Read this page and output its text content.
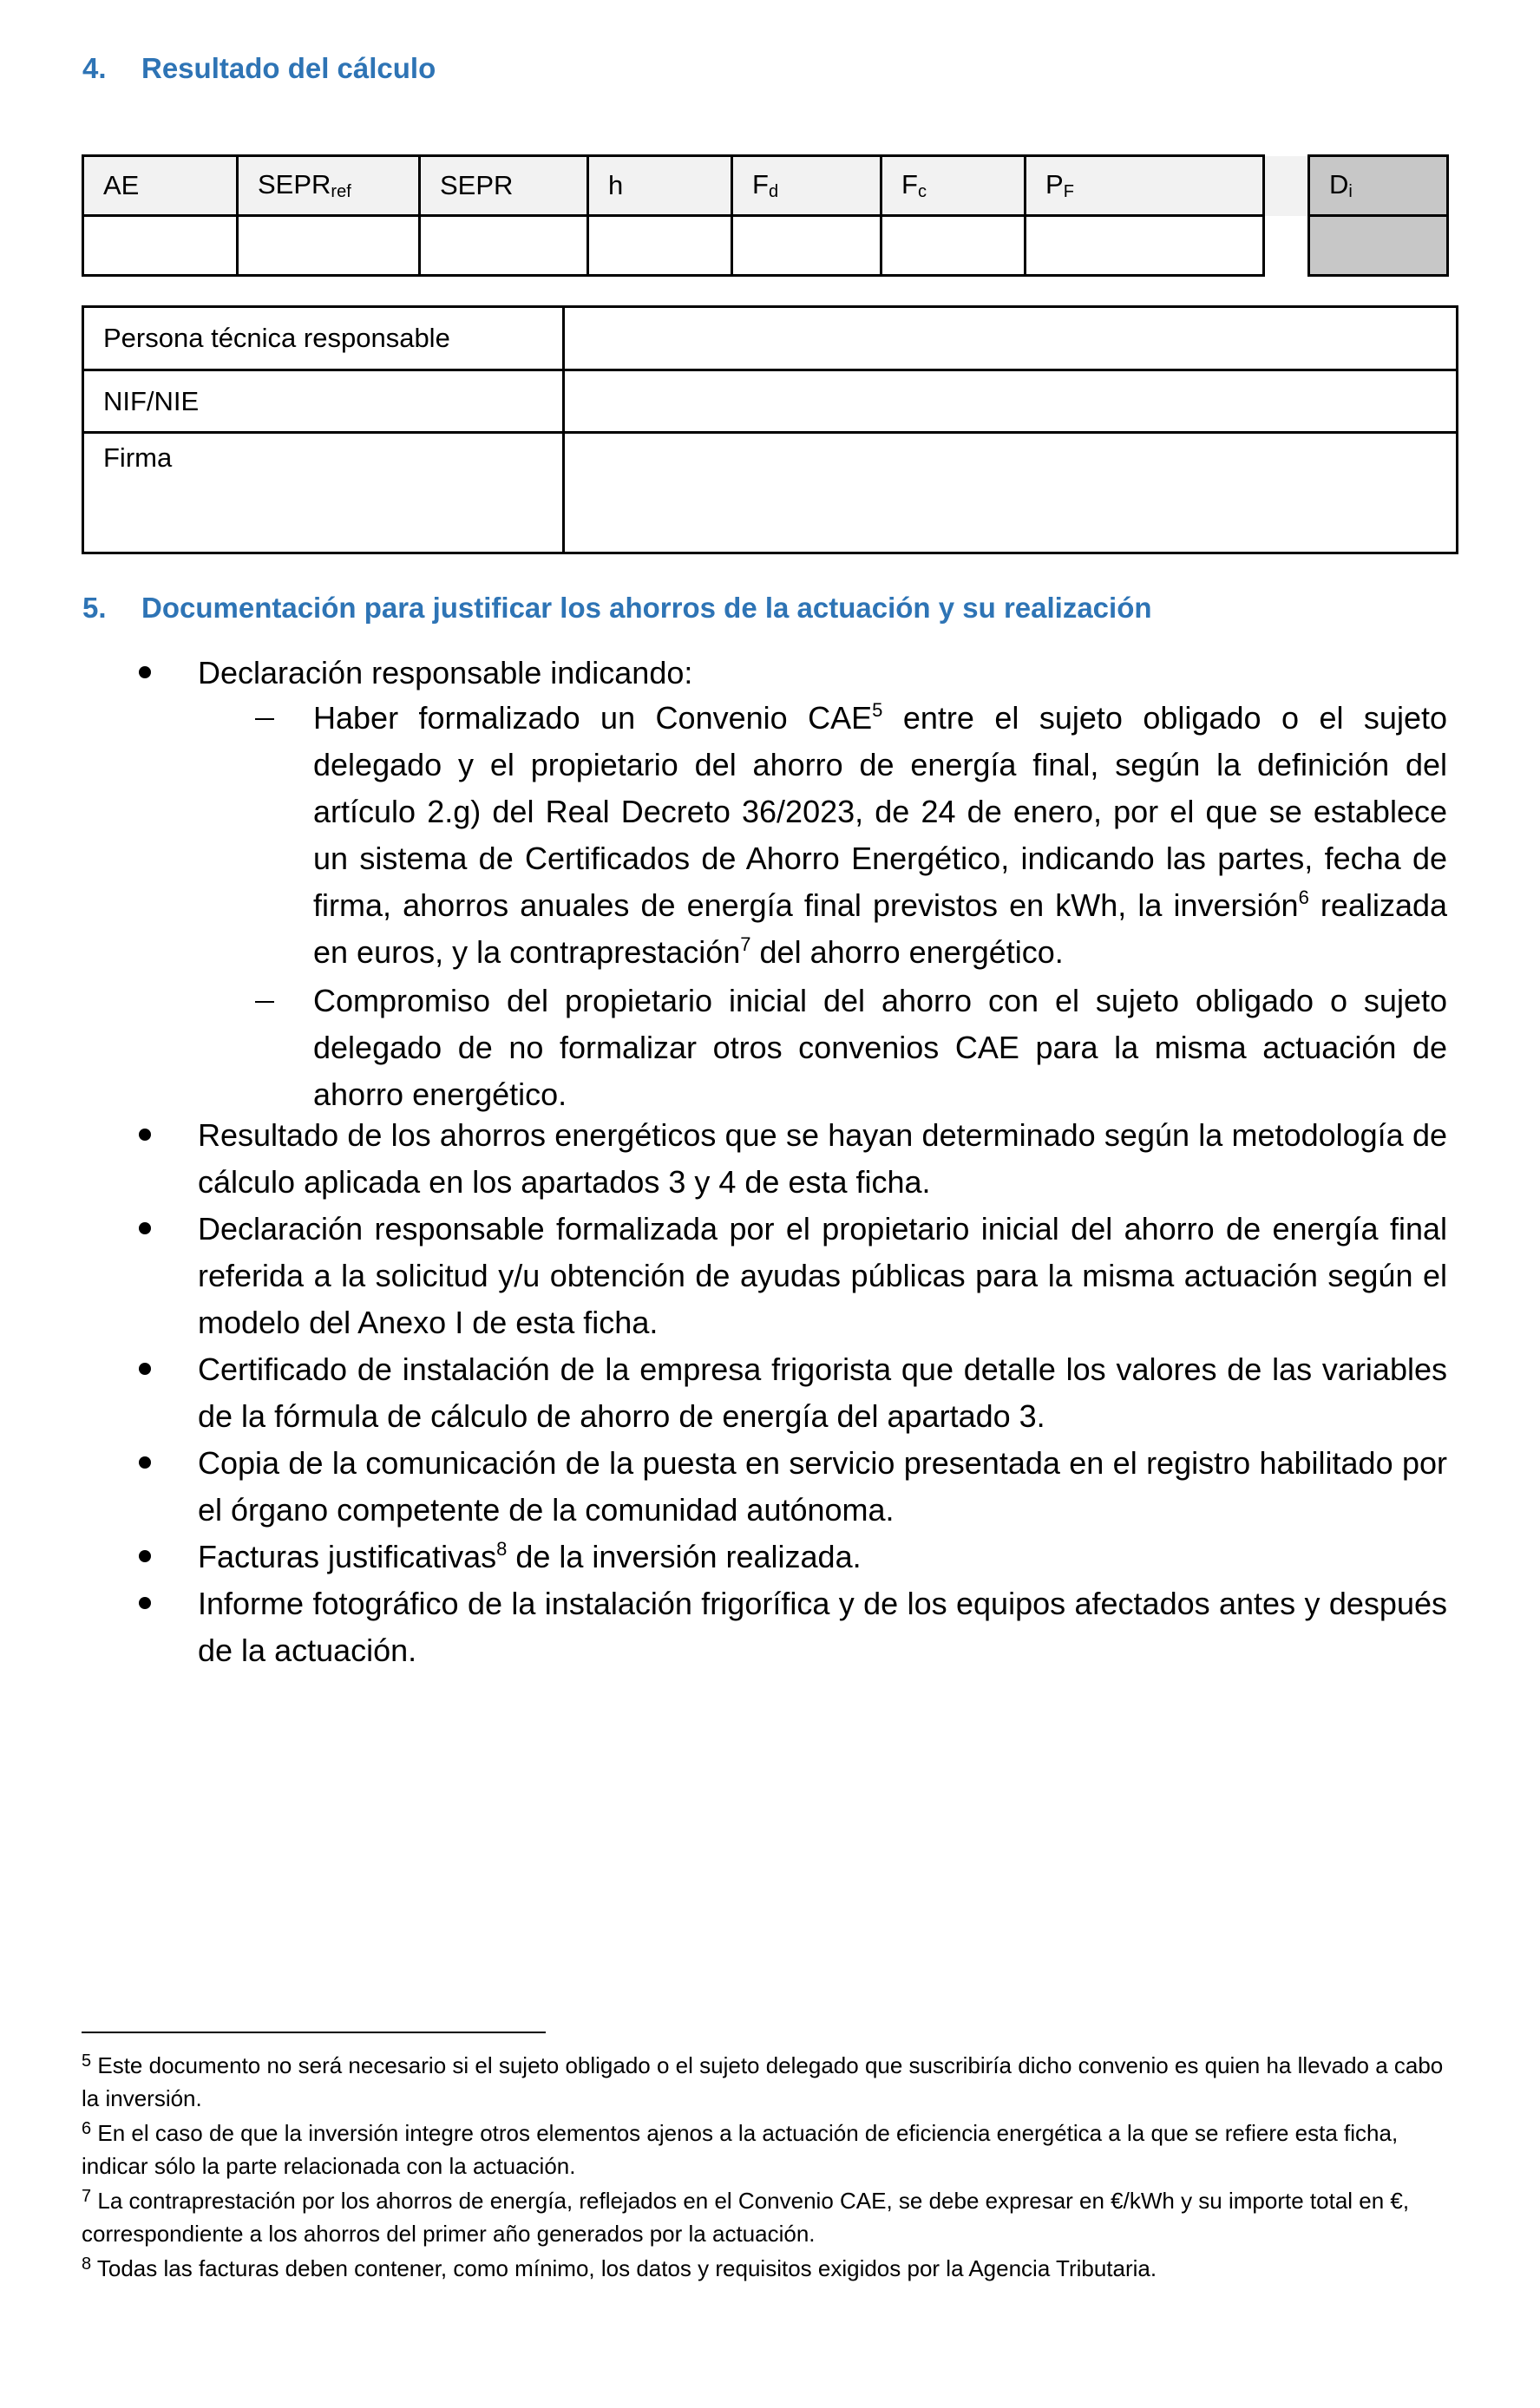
4. Resultado del cálculo
AE	$SEPR_{ref}$	SEPR	h	$F_d$	$F_c$	$P_F$		$D_i$

Persona técnica responsable	
NIF/NIE	
Firma	
5. Documentación para justificar los ahorros de la actuación y su realización
Declaración responsable indicando:
Haber formalizado un Convenio CAE$^5$ entre el sujeto obligado o el sujeto delegado y el propietario del ahorro de energía final, según la definición del artículo 2.g) del Real Decreto 36/2023, de 24 de enero, por el que se establece un sistema de Certificados de Ahorro Energético, indicando las partes, fecha de firma, ahorros anuales de energía final previstos en kWh, la inversión$^6$ realizada en euros, y la contraprestación$^7$ del ahorro energético.
Compromiso del propietario inicial del ahorro con el sujeto obligado o sujeto delegado de no formalizar otros convenios CAE para la misma actuación de ahorro energético.
Resultado de los ahorros energéticos que se hayan determinado según la metodología de cálculo aplicada en los apartados 3 y 4 de esta ficha.
Declaración responsable formalizada por el propietario inicial del ahorro de energía final referida a la solicitud y/u obtención de ayudas públicas para la misma actuación según el modelo del Anexo I de esta ficha.
Certificado de instalación de la empresa frigorista que detalle los valores de las variables de la fórmula de cálculo de ahorro de energía del apartado 3.
Copia de la comunicación de la puesta en servicio presentada en el registro habilitado por el órgano competente de la comunidad autónoma.
Facturas justificativas$^8$ de la inversión realizada.
Informe fotográfico de la instalación frigorífica y de los equipos afectados antes y después de la actuación.
$^5$ Este documento no será necesario si el sujeto obligado o el sujeto delegado que suscribiría dicho convenio es quien ha llevado a cabo la inversión.
$^6$ En el caso de que la inversión integre otros elementos ajenos a la actuación de eficiencia energética a la que se refiere esta ficha, indicar sólo la parte relacionada con la actuación.
$^7$ La contraprestación por los ahorros de energía, reflejados en el Convenio CAE, se debe expresar en €/kWh y su importe total en €, correspondiente a los ahorros del primer año generados por la actuación.
$^8$ Todas las facturas deben contener, como mínimo, los datos y requisitos exigidos por la Agencia Tributaria.
